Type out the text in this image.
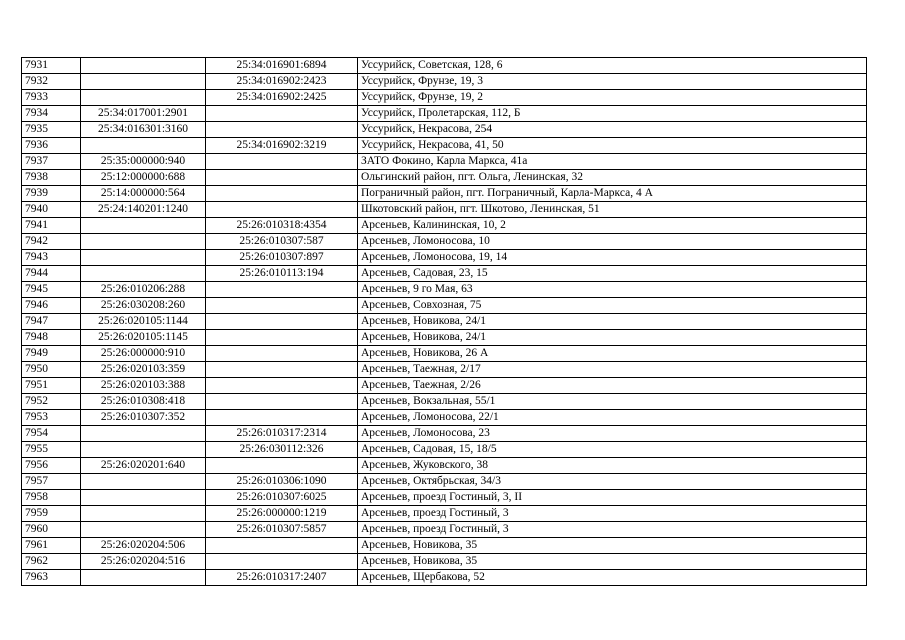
7931		25:34:016901:6894	Уссурийск, Советская, 128, 6
7932		25:34:016902:2423	Уссурийск, Фрунзе, 19, 3
7933		25:34:016902:2425	Уссурийск, Фрунзе, 19, 2
7934	25:34:017001:2901		Уссурийск, Пролетарская, 112, Б
7935	25:34:016301:3160		Уссурийск, Некрасова, 254
7936		25:34:016902:3219	Уссурийск, Некрасова, 41, 50
7937	25:35:000000:940		ЗАТО Фокино, Карла Маркса, 41а
7938	25:12:000000:688		Ольгинский район, пгт. Ольга, Ленинская, 32
7939	25:14:000000:564		Пограничный район, пгт. Пограничный, Карла-Маркса, 4 А
7940	25:24:140201:1240		Шкотовский район, пгт. Шкотово, Ленинская, 51
7941		25:26:010318:4354	Арсеньев, Калининская, 10, 2
7942		25:26:010307:587	Арсеньев, Ломоносова, 10
7943		25:26:010307:897	Арсеньев, Ломоносова, 19, 14
7944		25:26:010113:194	Арсеньев, Садовая, 23, 15
7945	25:26:010206:288		Арсеньев, 9 го Мая, 63
7946	25:26:030208:260		Арсеньев, Совхозная, 75
7947	25:26:020105:1144		Арсеньев, Новикова, 24/1
7948	25:26:020105:1145		Арсеньев, Новикова, 24/1
7949	25:26:000000:910		Арсеньев, Новикова, 26 А
7950	25:26:020103:359		Арсеньев, Таежная, 2/17
7951	25:26:020103:388		Арсеньев, Таежная, 2/26
7952	25:26:010308:418		Арсеньев, Вокзальная, 55/1
7953	25:26:010307:352		Арсеньев, Ломоносова, 22/1
7954		25:26:010317:2314	Арсеньев, Ломоносова, 23
7955		25:26:030112:326	Арсеньев, Садовая, 15, 18/5
7956	25:26:020201:640		Арсеньев, Жуковского, 38
7957		25:26:010306:1090	Арсеньев, Октябрьская, 34/3
7958		25:26:010307:6025	Арсеньев, проезд Гостиный, 3, II
7959		25:26:000000:1219	Арсеньев, проезд Гостиный, 3
7960		25:26:010307:5857	Арсеньев, проезд Гостиный, 3
7961	25:26:020204:506		Арсеньев, Новикова, 35
7962	25:26:020204:516		Арсеньев, Новикова, 35
7963		25:26:010317:2407	Арсеньев, Щербакова, 52
